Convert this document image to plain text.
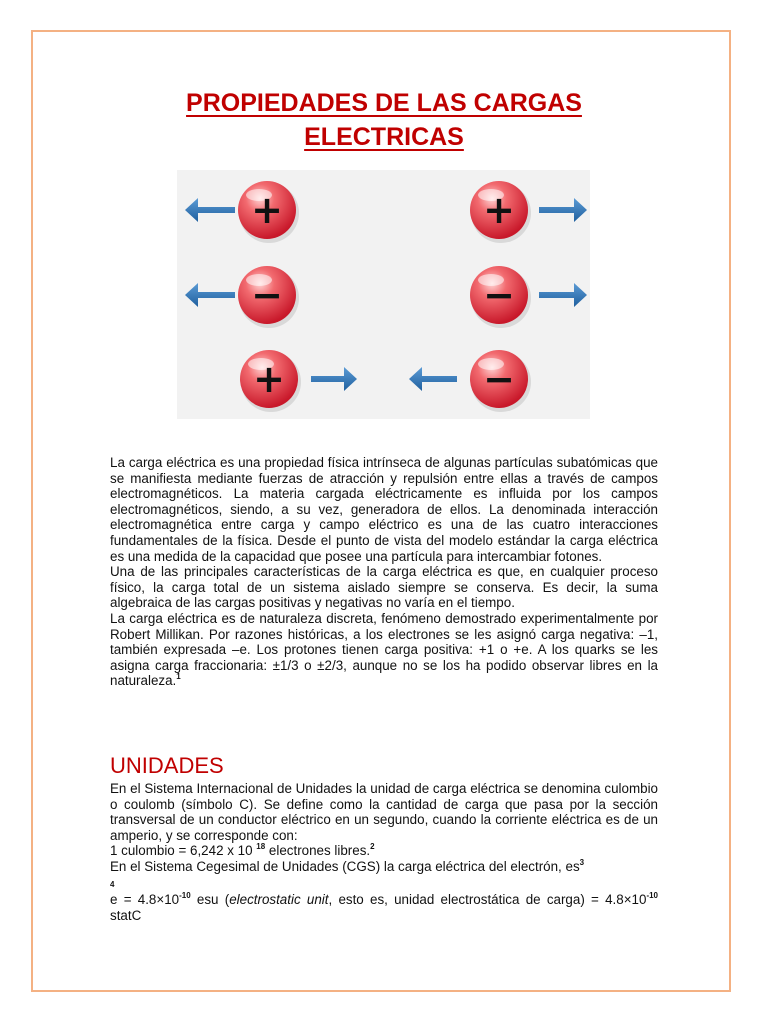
PROPIEDADES DE LAS CARGAS
ELECTRICAS
+	+
−	−
+	−

La carga eléctrica es una propiedad física intrínseca de algunas partículas subatómicas que se manifiesta mediante fuerzas de atracción y repulsión entre ellas a través de campos electromagnéticos. La materia cargada eléctricamente es influida por los campos electromagnéticos, siendo, a su vez, generadora de ellos. La denominada interacción electromagnética entre carga y campo eléctrico es una de las cuatro interacciones fundamentales de la física. Desde el punto de vista del modelo estándar la carga eléctrica es una medida de la capacidad que posee una partícula para intercambiar fotones.

Una de las principales características de la carga eléctrica es que, en cualquier proceso físico, la carga total de un sistema aislado siempre se conserva. Es decir, la suma algebraica de las cargas positivas y negativas no varía en el tiempo.

La carga eléctrica es de naturaleza discreta, fenómeno demostrado experimentalmente por Robert Millikan. Por razones históricas, a los electrones se les asignó carga negativa: –1, también expresada –e. Los protones tienen carga positiva: +1 o +e. A los quarks se les asigna carga fraccionaria: ±1/3 o ±2/3, aunque no se los ha podido observar libres en la naturaleza.$^1$

UNIDADES

En el Sistema Internacional de Unidades la unidad de carga eléctrica se denomina culombio o coulomb (símbolo C). Se define como la cantidad de carga que pasa por la sección transversal de un conductor eléctrico en un segundo, cuando la corriente eléctrica es de un amperio, y se corresponde con:

1 culombio = 6,242 x 10 $^{18}$ electrones libres.$^2$

En el Sistema Cegesimal de Unidades (CGS) la carga eléctrica del electrón, $es^3$
4

$e = 4.8\times 10^{-10}$ esu (electrostatic unit, esto es, unidad electrostática de carga) = $4.8\times 10^{-10}$ statC
